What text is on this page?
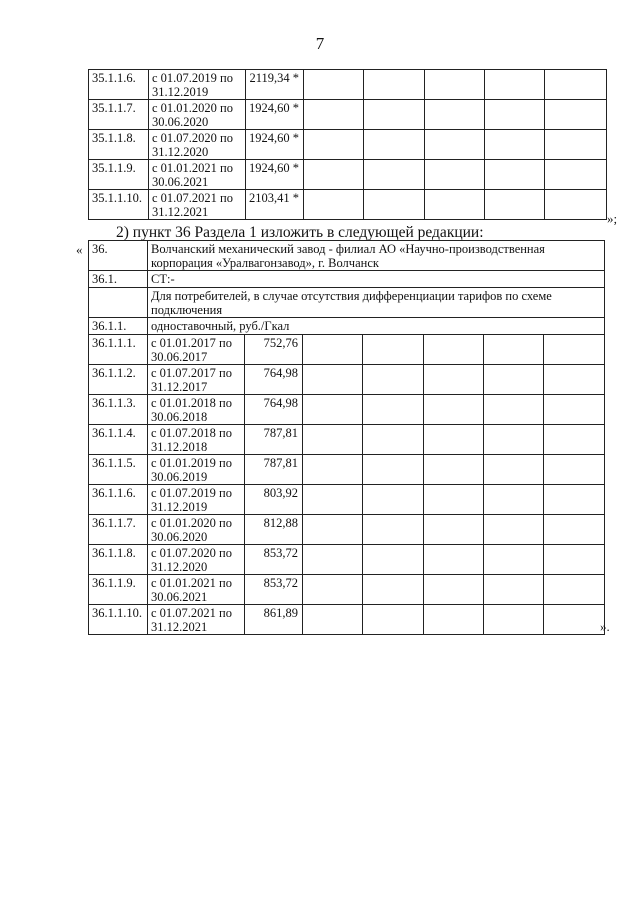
7
35.1.1.6.	с 01.07.2019 по
31.12.2019	2119,34 *					
35.1.1.7.	с 01.01.2020 по
30.06.2020	1924,60 *					
35.1.1.8.	с 01.07.2020 по
31.12.2020	1924,60 *					
35.1.1.9.	с 01.01.2021 по
30.06.2021	1924,60 *					
35.1.1.10.	с 01.07.2021 по
31.12.2021	2103,41 *					
»;
2) пункт 36 Раздела 1 изложить в следующей редакции:
« 36.	Волчанский механический завод - филиал АО «Научно-производственная
корпорация «Уралвагонзавод», г. Волчанск						
36.1.	СТ:-						
	Для потребителей, в случае отсутствия дифференциации тарифов по схеме
подключения						
36.1.1.	одноставочный, руб./Гкал						
36.1.1.1.	с 01.01.2017 по
30.06.2017	752,76					
36.1.1.2.	с 01.07.2017 по
31.12.2017	764,98					
36.1.1.3.	с 01.01.2018 по
30.06.2018	764,98					
36.1.1.4.	с 01.07.2018 по
31.12.2018	787,81					
36.1.1.5.	с 01.01.2019 по
30.06.2019	787,81					
36.1.1.6.	с 01.07.2019 по
31.12.2019	803,92					
36.1.1.7.	с 01.01.2020 по
30.06.2020	812,88					
36.1.1.8.	с 01.07.2020 по
31.12.2020	853,72					
36.1.1.9.	с 01.01.2021 по
30.06.2021	853,72					
36.1.1.10.	с 01.07.2021 по
31.12.2021	861,89					
».
